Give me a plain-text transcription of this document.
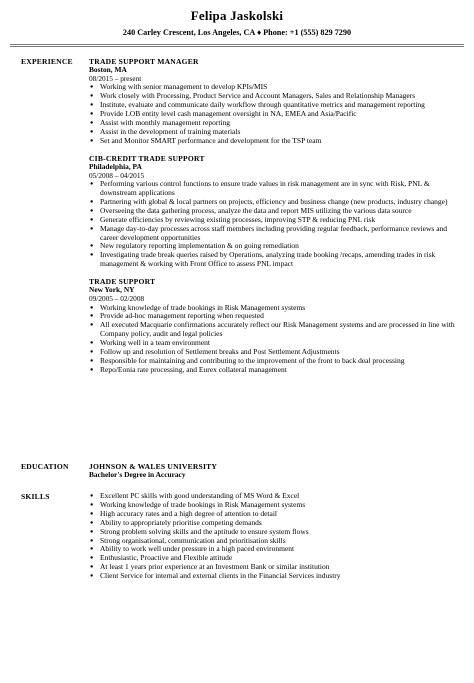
Felipa Jaskolski
240 Carley Crescent, Los Angeles, CA ♦ Phone: +1 (555) 829 7290
EXPERIENCE TRADE SUPPORT MANAGER
Boston, MA
08/2015 – present
● Working with senior management to develop KPIs/MIS
● Work closely with Processing, Product Service and Account Managers, Sales and Relationship Managers
● Institute, evaluate and communicate daily workflow through quantitative metrics and management reporting
● Provide LOB entity level cash management oversight in NA, EMEA and Asia/Pacific
● Assist with monthly management reporting
● Assist in the development of training materials
● Set and Monitor SMART performance and development for the TSP team
CIB-CREDIT TRADE SUPPORT
Philadelphia, PA
05/2008 – 04/2015
● Performing various control functions to ensure trade values in risk management are in sync with Risk, PNL & downstream applications
● Partnering with global & local partners on projects, efficiency and business change (new products, industry change)
● Overseeing the data gathering process, analyze the data and report MIS utilizing the various data source
● Generate efficiencies by reviewing existing processes, improving STP & reducing PNL risk
● Manage day-to-day processes across staff members including providing regular feedback, performance reviews and career development opportunities
● New regulatory reporting implementation & on going remediation
● Investigating trade break queries raised by Operations, analyzing trade booking /recaps, amending trades in risk management & working with Front Office to assess PNL impact
TRADE SUPPORT
New York, NY
09/2005 – 02/2008
● Working knowledge of trade bookings in Risk Management systems
● Provide ad-hoc management reporting when requested
● All executed Macquarie confirmations accurately reflect our Risk Management systems and are processed in line with Company policy, audit and legal policies
● Working well in a team environment
● Follow up and resolution of Settlement breaks and Post Settlement Adjustments
● Responsible for maintaining and contributing to the improvement of the front to back deal processing
● Repo/Eonia rate processing, and Eurex collateral management
EDUCATION	JOHNSON & WALES UNIVERSITY
Bachelor's Degree in Accuracy
SKILLS
●	Excellent PC skills with good understanding of MS Word & Excel
● Working knowledge of trade bookings in Risk Management systems
● High accuracy rates and a high degree of attention to detail
● Ability to appropriately prioritise competing demands
● Strong problem solving skills and the aptitude to ensure system flows
● Strong organisational, communication and prioritisation skills
● Ability to work well under pressure in a high paced environment
● Enthusiastic, Proactive and Flexible attitude
● At least 1 years prior experience at an Investment Bank or similar institution
● Client Service for internal and external clients in the Financial Services industry
